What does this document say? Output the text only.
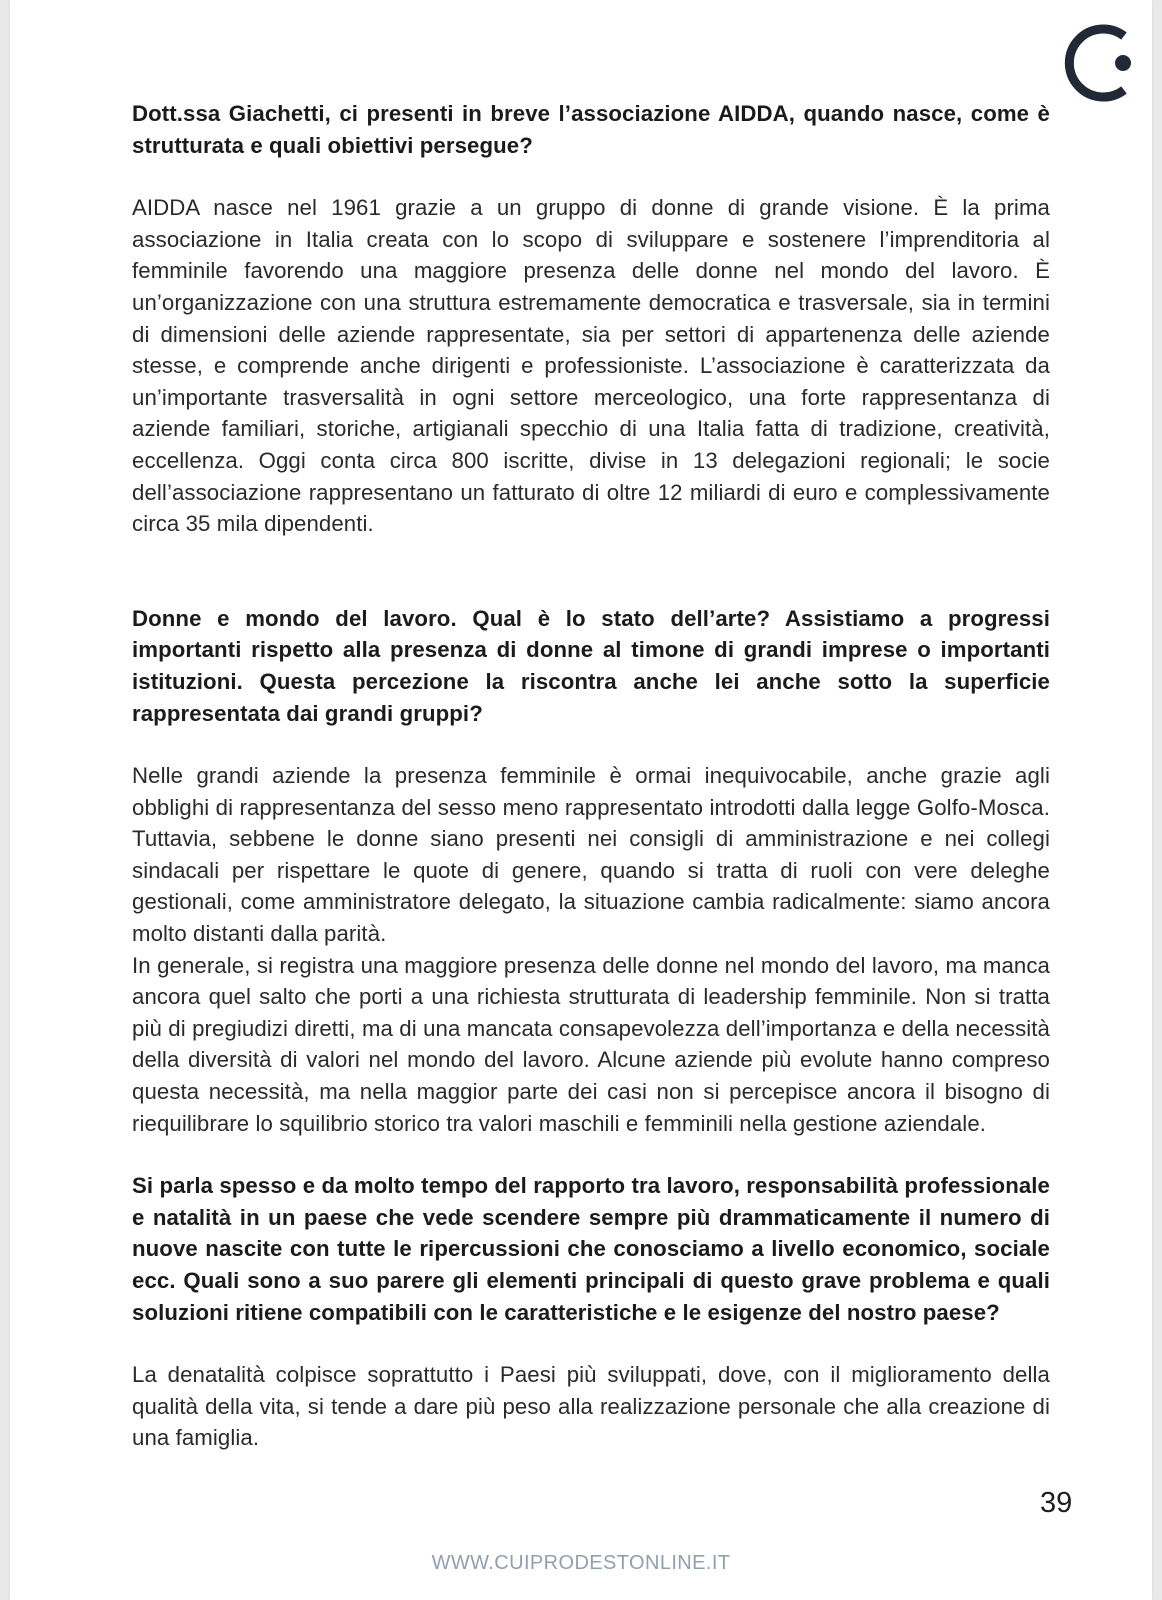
Dott.ssa Giachetti, ci presenti in breve l’associazione AIDDA, quando nasce, come è strutturata e quali obiettivi persegue?

AIDDA nasce nel 1961 grazie a un gruppo di donne di grande visione. È la prima associazione in Italia creata con lo scopo di sviluppare e sostenere l’imprenditoria al femminile favorendo una maggiore presenza delle donne nel mondo del lavoro. È un’organizzazione con una struttura estremamente democratica e trasversale, sia in termini di dimensioni delle aziende rappresentate, sia per settori di appartenenza delle aziende stesse, e comprende anche dirigenti e professioniste. L’associazione è caratterizzata da un’importante trasversalità in ogni settore merceologico, una forte rappresentanza di aziende familiari, storiche, artigianali specchio di una Italia fatta di tradizione, creatività, eccellenza. Oggi conta circa 800 iscritte, divise in 13 delegazioni regionali; le socie dell’associazione rappresentano un fatturato di oltre 12 miliardi di euro e complessivamente circa 35 mila dipendenti.

Donne e mondo del lavoro. Qual è lo stato dell’arte? Assistiamo a progressi importanti rispetto alla presenza di donne al timone di grandi imprese o importanti istituzioni. Questa percezione la riscontra anche lei anche sotto la superficie rappresentata dai grandi gruppi?

Nelle grandi aziende la presenza femminile è ormai inequivocabile, anche grazie agli obblighi di rappresentanza del sesso meno rappresentato introdotti dalla legge Golfo-Mosca. Tuttavia, sebbene le donne siano presenti nei consigli di amministrazione e nei collegi sindacali per rispettare le quote di genere, quando si tratta di ruoli con vere deleghe gestionali, come amministratore delegato, la situazione cambia radicalmente: siamo ancora molto distanti dalla parità.

In generale, si registra una maggiore presenza delle donne nel mondo del lavoro, ma manca ancora quel salto che porti a una richiesta strutturata di leadership femminile. Non si tratta più di pregiudizi diretti, ma di una mancata consapevolezza dell’importanza e della necessità della diversità di valori nel mondo del lavoro. Alcune aziende più evolute hanno compreso questa necessità, ma nella maggior parte dei casi non si percepisce ancora il bisogno di riequilibrare lo squilibrio storico tra valori maschili e femminili nella gestione aziendale.

Si parla spesso e da molto tempo del rapporto tra lavoro, responsabilità professionale e natalità in un paese che vede scendere sempre più drammaticamente il numero di nuove nascite con tutte le ripercussioni che conosciamo a livello economico, sociale ecc. Quali sono a suo parere gli elementi principali di questo grave problema e quali soluzioni ritiene compatibili con le caratteristiche e le esigenze del nostro paese?

La denatalità colpisce soprattutto i Paesi più sviluppati, dove, con il miglioramento della qualità della vita, si tende a dare più peso alla realizzazione personale che alla creazione di una famiglia.

39
WWW.CUIPRODESTONLINE.IT
